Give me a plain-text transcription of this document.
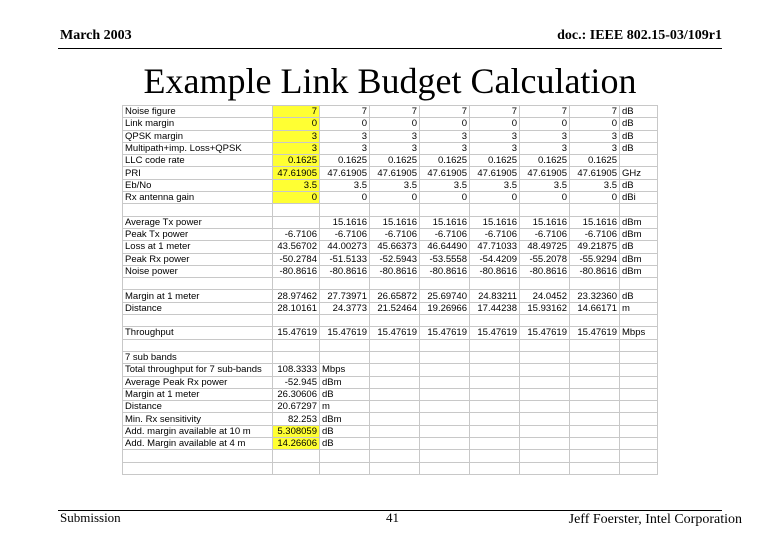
March 2003	doc.: IEEE 802.15-03/109r1
Example Link Budget Calculation
Noise figure	7	7	7	7	7	7	7	dB
Link margin	0	0	0	0	0	0	0	dB
QPSK margin	3	3	3	3	3	3	3	dB
Multipath+imp. Loss+QPSK	3	3	3	3	3	3	3	dB
LLC code rate	0.1625	0.1625	0.1625	0.1625	0.1625	0.1625	0.1625	
PRI	47.61905	47.61905	47.61905	47.61905	47.61905	47.61905	47.61905	GHz
Eb/No	3.5	3.5	3.5	3.5	3.5	3.5	3.5	dB
Rx antenna gain	0	0	0	0	0	0	0	dBi

Average Tx power		15.1616	15.1616	15.1616	15.1616	15.1616	15.1616	dBm
Peak Tx power	-6.7106	-6.7106	-6.7106	-6.7106	-6.7106	-6.7106	-6.7106	dBm
Loss at 1 meter	43.56702	44.00273	45.66373	46.64490	47.71033	48.49725	49.21875	dB
Peak Rx power	-50.2784	-51.5133	-52.5943	-53.5558	-54.4209	-55.2078	-55.9294	dBm
Noise power	-80.8616	-80.8616	-80.8616	-80.8616	-80.8616	-80.8616	-80.8616	dBm

Margin at 1 meter	28.97462	27.73971	26.65872	25.69740	24.83211	24.0452	23.32360	dB
Distance	28.10161	24.3773	21.52464	19.26966	17.44238	15.93162	14.66171	m

Throughput	15.47619	15.47619	15.47619	15.47619	15.47619	15.47619	15.47619	Mbps

7 sub bands								
Total throughput for 7 sub-bands	108.3333	Mbps						
Average Peak Rx power	-52.945	dBm						
Margin at 1 meter	26.30606	dB						
Distance	20.67297	m						
Min. Rx sensitivity	82.253	dBm						
Add. margin available at 10 m	5.308059	dB						
Add. Margin available at 4 m	14.26606	dB						

Submission	41	Jeff Foerster, Intel Corporation
